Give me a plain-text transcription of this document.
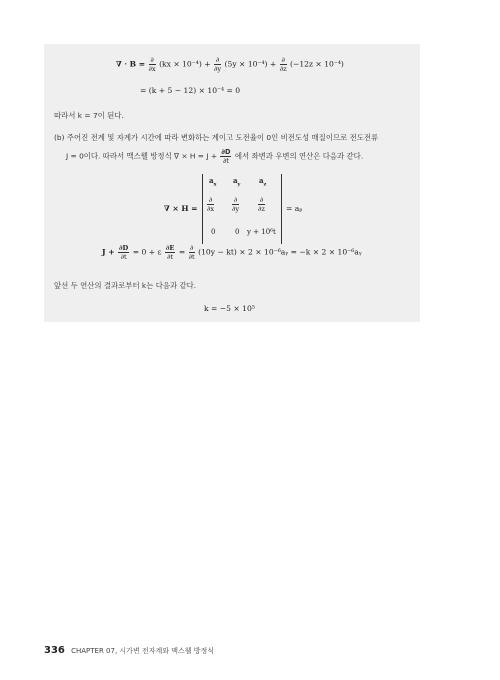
∇ · $B = \frac{\partial}{\partial x} (kx \times 10^{-4}) + \frac{\partial}{\partial y} (5y \times 10^{-4}) + \frac{\partial}{\partial z} (-12z \times 10^{-4})$
= (k + 5 − 12) × 10⁻⁴ = 0
따라서 k = 7이 된다.
(b) 주어진 전계 및 자계가 시간에 따라 변화하는 계이고 도전율이 0인 비전도성 매질이므로 전도전류
J = 0이다. 따라서 맥스웰 방정식 ∇ × $H = J + \frac{\partial D}{\partial t}$ 에서 좌변과 우변의 연산은 다음과 같다.
∇ × H =
$a_x$ $a_y$	$a_z$
$\frac{\partial}{\partial x}$	$\frac{\partial}{\partial y}$	$\frac{\partial}{\partial z}$
0	0 y + 10⁶t
= aₚ
$J + \frac{\partial D}{\partial t} = 0 + \varepsilon \frac{\partial E}{\partial t} = \frac{\partial}{\partial t} (10y - kt) \times 2$ × 10⁻⁶aᵧ = −k × 2 × 10⁻⁶aᵧ
앞선 두 연산의 결과로부터 k는 다음과 같다.
k = −5 × 10⁵
336 CHAPTER 07, 시가변 전자계와 맥스웰 방정식
